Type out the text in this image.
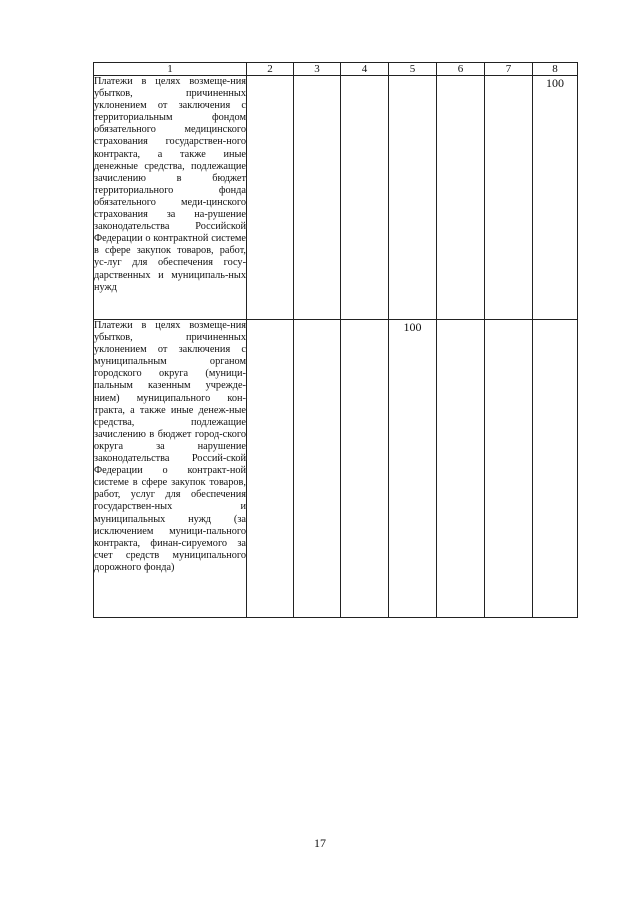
1	2	3	4	5	6	7	8
Платежи в целях возмеще-ния убытков, причиненных уклонением от заключения с территориальным фондом обязательного медицинского страхования государствен-ного контракта, а также иные денежные средства, подлежащие зачислению в бюджет территориального фонда обязательного меди-цинского страхования за на-рушение законодательства Российской Федерации о контрактной системе в сфере закупок товаров, работ, ус-луг для обеспечения госу-дарственных и муниципаль-ных нужд							100
Платежи в целях возмеще-ния убытков, причиненных уклонением от заключения с муниципальным органом городского округа (муници-пальным казенным учрежде-нием) муниципального кон-тракта, а также иные денеж-ные средства, подлежащие зачислению в бюджет город-ского округа за нарушение законодательства Россий-ской Федерации о контракт-ной системе в сфере закупок товаров, работ, услуг для обеспечения государствен-ных и муниципальных нужд (за исключением муници-пального контракта, финан-сируемого за счет средств муниципального дорожного фонда)				100			
17
